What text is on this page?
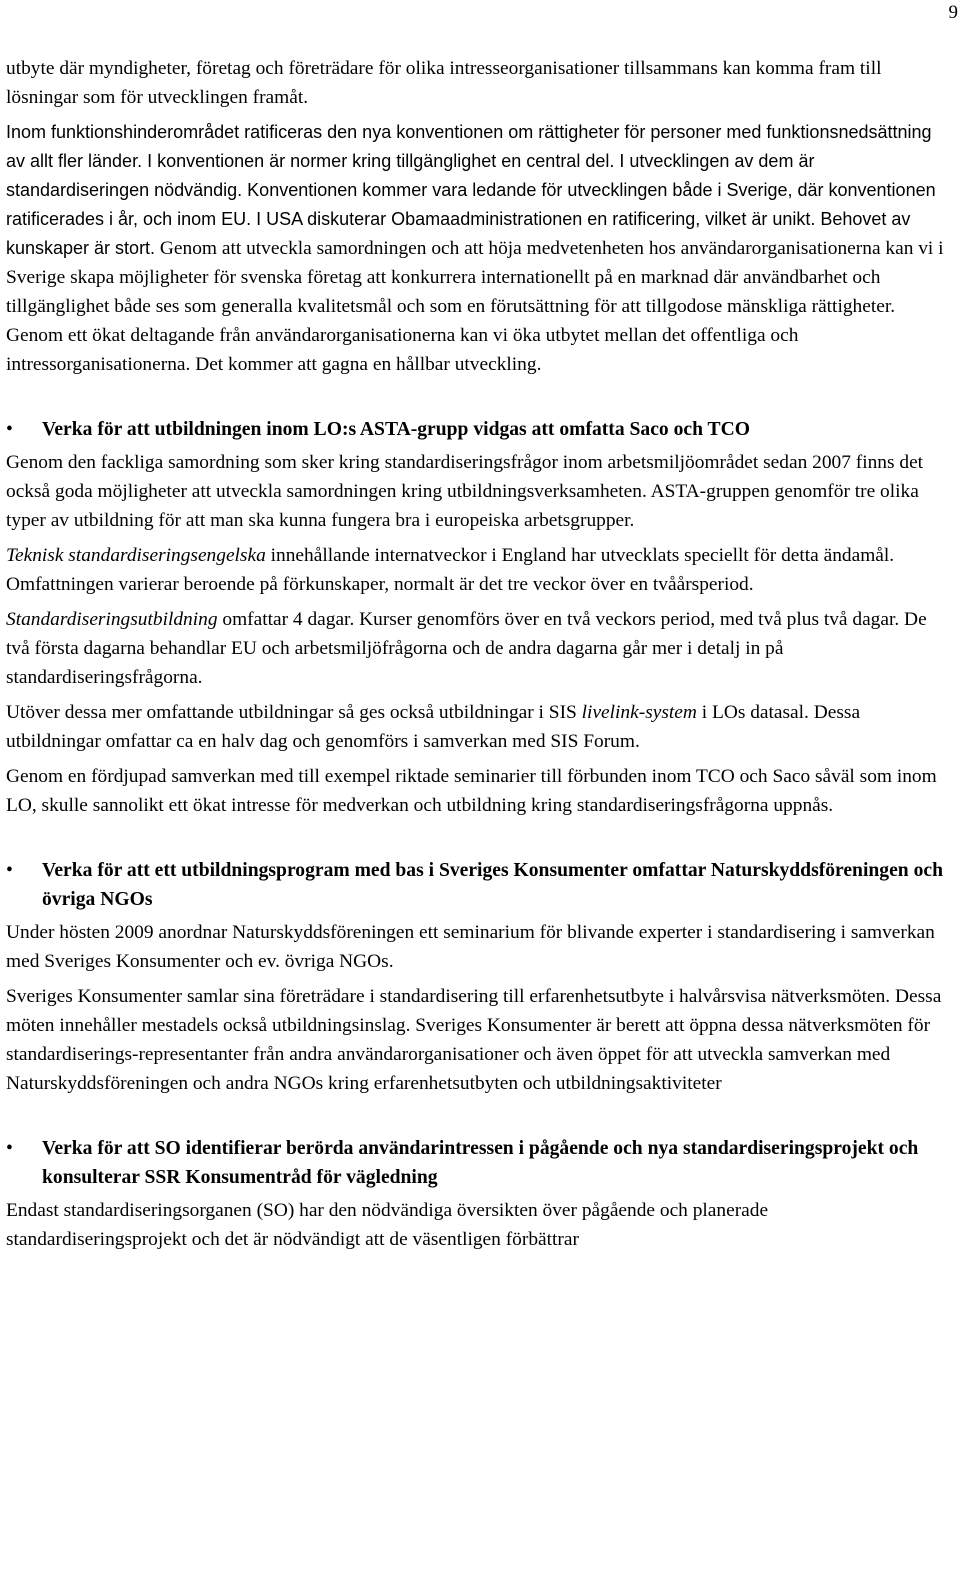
9

utbyte där myndigheter, företag och företrädare för olika intresseorganisationer tillsammans kan komma fram till lösningar som för utvecklingen framåt.

Inom funktionshinderområdet ratificeras den nya konventionen om rättigheter för personer med funktionsnedsättning av allt fler länder. I konventionen är normer kring tillgänglighet en central del. I utvecklingen av dem är standardiseringen nödvändig. Konventionen kommer vara ledande för utvecklingen både i Sverige, där konventionen ratificerades i år, och inom EU. I USA diskuterar Obamaadministrationen en ratificering, vilket är unikt. Behovet av kunskaper är stort. Genom att utveckla samordningen och att höja medvetenheten hos användarorganisationerna kan vi i Sverige skapa möjligheter för svenska företag att konkurrera internationellt på en marknad där användbarhet och tillgänglighet både ses som generalla kvalitetsmål och som en förutsättning för att tillgodose mänskliga rättigheter. Genom ett ökat deltagande från användarorganisationerna kan vi öka utbytet mellan det offentliga och intressorganisationerna. Det kommer att gagna en hållbar utveckling.

• Verka för att utbildningen inom LO:s ASTA-grupp vidgas att omfatta Saco och TCO

Genom den fackliga samordning som sker kring standardiseringsfrågor inom arbetsmiljöområdet sedan 2007 finns det också goda möjligheter att utveckla samordningen kring utbildningsverksamheten. ASTA-gruppen genomför tre olika typer av utbildning för att man ska kunna fungera bra i europeiska arbetsgrupper.

Teknisk standardiseringsengelska innehållande internatveckor i England har utvecklats speciellt för detta ändamål. Omfattningen varierar beroende på förkunskaper, normalt är det tre veckor över en tvåårsperiod.

Standardiseringsutbildning omfattar 4 dagar. Kurser genomförs över en två veckors period, med två plus två dagar. De två första dagarna behandlar EU och arbetsmiljöfrågorna och de andra dagarna går mer i detalj in på standardiseringsfrågorna.

Utöver dessa mer omfattande utbildningar så ges också utbildningar i SIS livelink-system i LOs datasal. Dessa utbildningar omfattar ca en halv dag och genomförs i samverkan med SIS Forum.

Genom en fördjupad samverkan med till exempel riktade seminarier till förbunden inom TCO och Saco såväl som inom LO, skulle sannolikt ett ökat intresse för medverkan och utbildning kring standardiseringsfrågorna uppnås.

• Verka för att ett utbildningsprogram med bas i Sveriges Konsumenter omfattar Naturskyddsföreningen och övriga NGOs

Under hösten 2009 anordnar Naturskyddsföreningen ett seminarium för blivande experter i standardisering i samverkan med Sveriges Konsumenter och ev. övriga NGOs.

Sveriges Konsumenter samlar sina företrädare i standardisering till erfarenhetsutbyte i halvårsvisa nätverksmöten. Dessa möten innehåller mestadels också utbildningsinslag. Sveriges Konsumenter är berett att öppna dessa nätverksmöten för standardiserings-representanter från andra användarorganisationer och även öppet för att utveckla samverkan med Naturskyddsföreningen och andra NGOs kring erfarenhetsutbyten och utbildningsaktiviteter

• Verka för att SO identifierar berörda användarintressen i pågående och nya standardiseringsprojekt och konsulterar SSR Konsumentråd för vägledning

Endast standardiseringsorganen (SO) har den nödvändiga översikten över pågående och planerade standardiseringsprojekt och det är nödvändigt att de väsentligen förbättrar
